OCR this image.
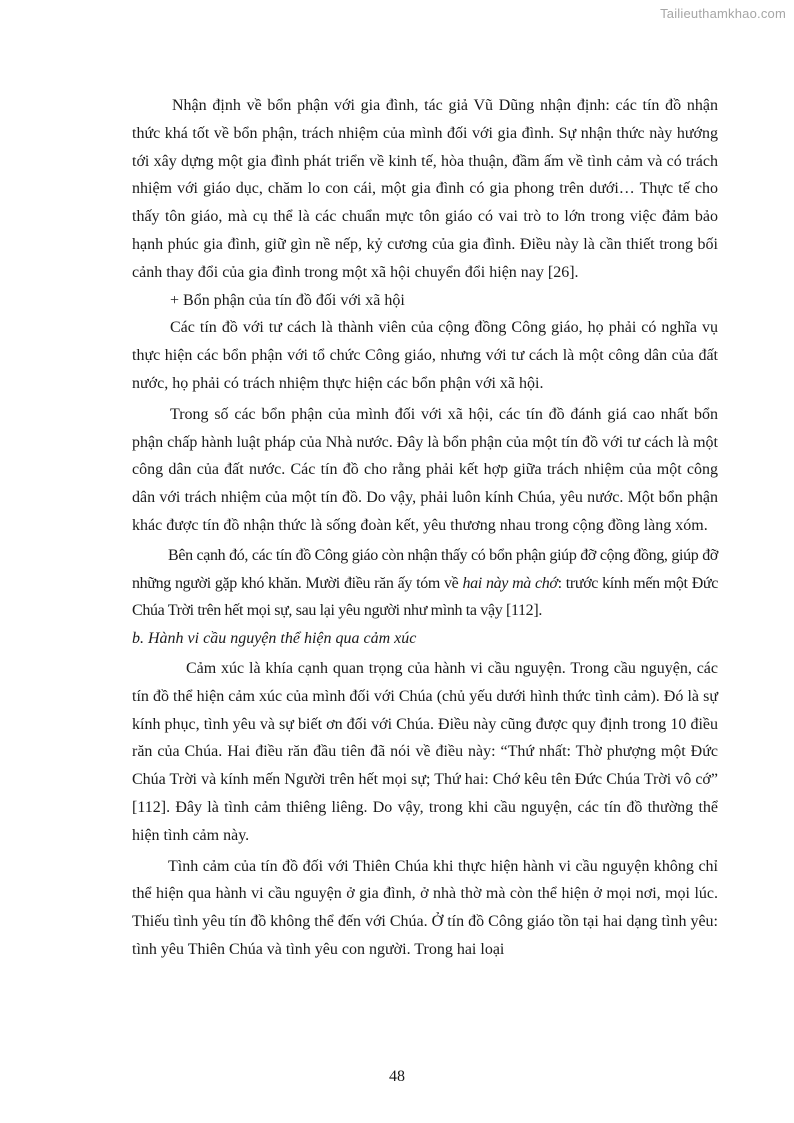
Tailieuthamkhao.com

Nhận định về bổn phận với gia đình, tác giả Vũ Dũng nhận định: các tín đồ nhận thức khá tốt về bổn phận, trách nhiệm của mình đối với gia đình. Sự nhận thức này hướng tới xây dựng một gia đình phát triển về kinh tế, hòa thuận, đầm ấm về tình cảm và có trách nhiệm với giáo dục, chăm lo con cái, một gia đình có gia phong trên dưới… Thực tế cho thấy tôn giáo, mà cụ thể là các chuẩn mực tôn giáo có vai trò to lớn trong việc đảm bảo hạnh phúc gia đình, giữ gìn nề nếp, kỷ cương của gia đình. Điều này là cần thiết trong bối cảnh thay đổi của gia đình trong một xã hội chuyển đổi hiện nay [26].

+ Bổn phận của tín đồ đối với xã hội

Các tín đồ với tư cách là thành viên của cộng đồng Công giáo, họ phải có nghĩa vụ thực hiện các bổn phận với tổ chức Công giáo, nhưng với tư cách là một công dân của đất nước, họ phải có trách nhiệm thực hiện các bổn phận với xã hội.

Trong số các bổn phận của mình đối với xã hội, các tín đồ đánh giá cao nhất bổn phận chấp hành luật pháp của Nhà nước. Đây là bổn phận của một tín đồ với tư cách là một công dân của đất nước. Các tín đồ cho rằng phải kết hợp giữa trách nhiệm của một công dân với trách nhiệm của một tín đồ. Do vậy, phải luôn kính Chúa, yêu nước. Một bổn phận khác được tín đồ nhận thức là sống đoàn kết, yêu thương nhau trong cộng đồng làng xóm.

Bên cạnh đó, các tín đồ Công giáo còn nhận thấy có bổn phận giúp đỡ cộng đồng, giúp đỡ những người gặp khó khăn. Mười điều răn ấy tóm về hai này mà chớ: trước kính mến một Đức Chúa Trời trên hết mọi sự, sau lại yêu người như mình ta vậy [112].

b. Hành vi cầu nguyện thể hiện qua cảm xúc

Cảm xúc là khía cạnh quan trọng của hành vi cầu nguyện. Trong cầu nguyện, các tín đồ thể hiện cảm xúc của mình đối với Chúa (chủ yếu dưới hình thức tình cảm). Đó là sự kính phục, tình yêu và sự biết ơn đối với Chúa. Điều này cũng được quy định trong 10 điều răn của Chúa. Hai điều răn đầu tiên đã nói về điều này: “Thứ nhất: Thờ phượng một Đức Chúa Trời và kính mến Người trên hết mọi sự; Thứ hai: Chớ kêu tên Đức Chúa Trời vô cớ” [112]. Đây là tình cảm thiêng liêng. Do vậy, trong khi cầu nguyện, các tín đồ thường thể hiện tình cảm này.

Tình cảm của tín đồ đối với Thiên Chúa khi thực hiện hành vi cầu nguyện không chỉ thể hiện qua hành vi cầu nguyện ở gia đình, ở nhà thờ mà còn thể hiện ở mọi nơi, mọi lúc. Thiếu tình yêu tín đồ không thể đến với Chúa. Ở tín đồ Công giáo tồn tại hai dạng tình yêu: tình yêu Thiên Chúa và tình yêu con người. Trong hai loại

48
